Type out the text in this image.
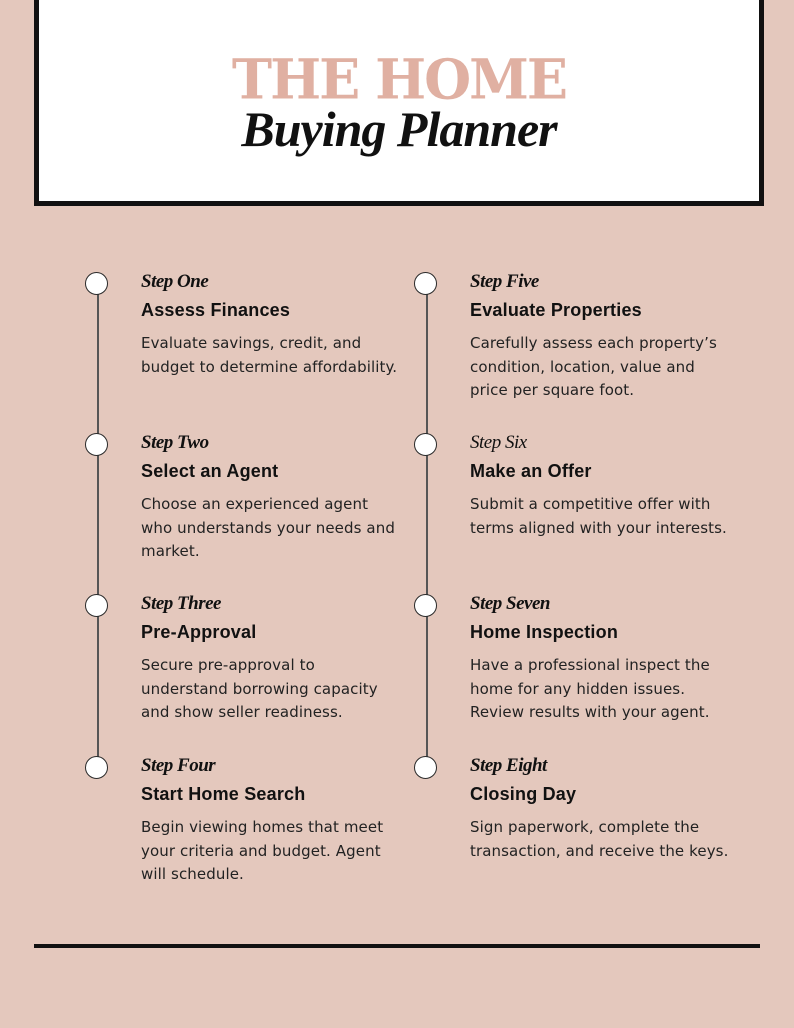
THE HOME
Buying Planner
Step One
Assess Finances
Evaluate savings, credit, and budget to determine affordability.
Step Two
Select an Agent
Choose an experienced agent who understands your needs and market.
Step Three
Pre-Approval
Secure pre-approval to understand borrowing capacity and show seller readiness.
Step Four
Start Home Search
Begin viewing homes that meet your criteria and budget. Agent will schedule.
Step Five
Evaluate Properties
Carefully assess each property’s condition, location, value and price per square foot.
Step Six
Make an Offer
Submit a competitive offer with terms aligned with your interests.
Step Seven
Home Inspection
Have a professional inspect the home for any hidden issues. Review results with your agent.
Step Eight
Closing Day
Sign paperwork, complete the transaction, and receive the keys.
